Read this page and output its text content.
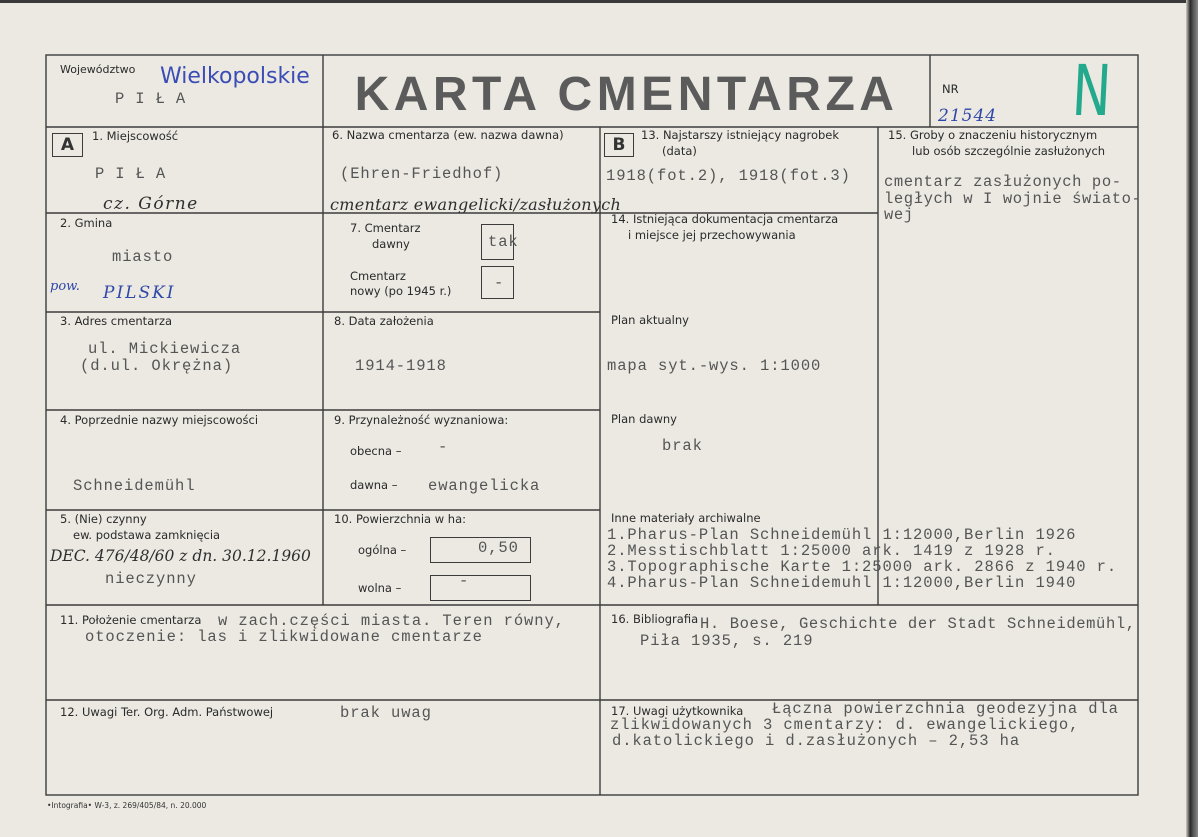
Województwo Wielkopolskie
PIŁA	KARTA CMENTARZA	NR
21544 N
A 1. Miejscowość
PIŁA
cz. Górne
6. Nazwa cmentarza (ew. nazwa dawna)
(Ehren-Friedhof)
cmentarz ewangelicki/zasłużonych
B 13. Najstarszy istniejący nagrobek
(data)
1918(fot.2), 1918(fot.3)
15. Groby o znaczeniu historycznym
lub osób szczególnie zasłużonych
cmentarz zasłużonych po-
ległych w I wojnie świato-
wej
2. Gmina
miasto
pow. PILSKI
7. Cmentarz
dawny	tak
Cmentarz
nowy (po 1945 r.)	-
14. Istniejąca dokumentacja cmentarza
i miejsce jej przechowywania
3. Adres cmentarza
ul. Mickiewicza
(d.ul. Okrężna)
8. Data założenia
1914-1918
Plan aktualny
mapa syt.-wys. 1:1000
4. Poprzednie nazwy miejscowości
Schneidemühl
9. Przynależność wyznaniowa:
obecna – -
dawna – ewangelicka
Plan dawny
brak
5. (Nie) czynny
ew. podstawa zamknięcia
DEC. 476/48/60 z dn. 30.12.1960
nieczynny
10. Powierzchnia w ha:
ogólna –	0,50
wolna –	-
Inne materiały archiwalne
1.Pharus-Plan Schneidemühl 1:12000,Berlin 1926
2.Messtischblatt 1:25000 ark. 1419 z 1928 r.
3.Topographische Karte 1:25000 ark. 2866 z 1940 r.
4.Pharus-Plan Schneidemuhl 1:12000,Berlin 1940
11. Położenie cmentarza w zach.części miasta. Teren równy,
otoczenie: las i zlikwidowane cmentarze
16. Bibliografia H. Boese, Geschichte der Stadt Schneidemühl,
Piła 1935, s. 219
12. Uwagi Ter. Org. Adm. Państwowej	brak uwag	17. Uwagi użytkownika Łączna powierzchnia geodezyjna dla
zlikwidowanych 3 cmentarzy: d. ewangelickiego,
d.katolickiego i d.zasłużonych – 2,53 ha
•Intografia• W-3, z. 269/405/84, n. 20.000
